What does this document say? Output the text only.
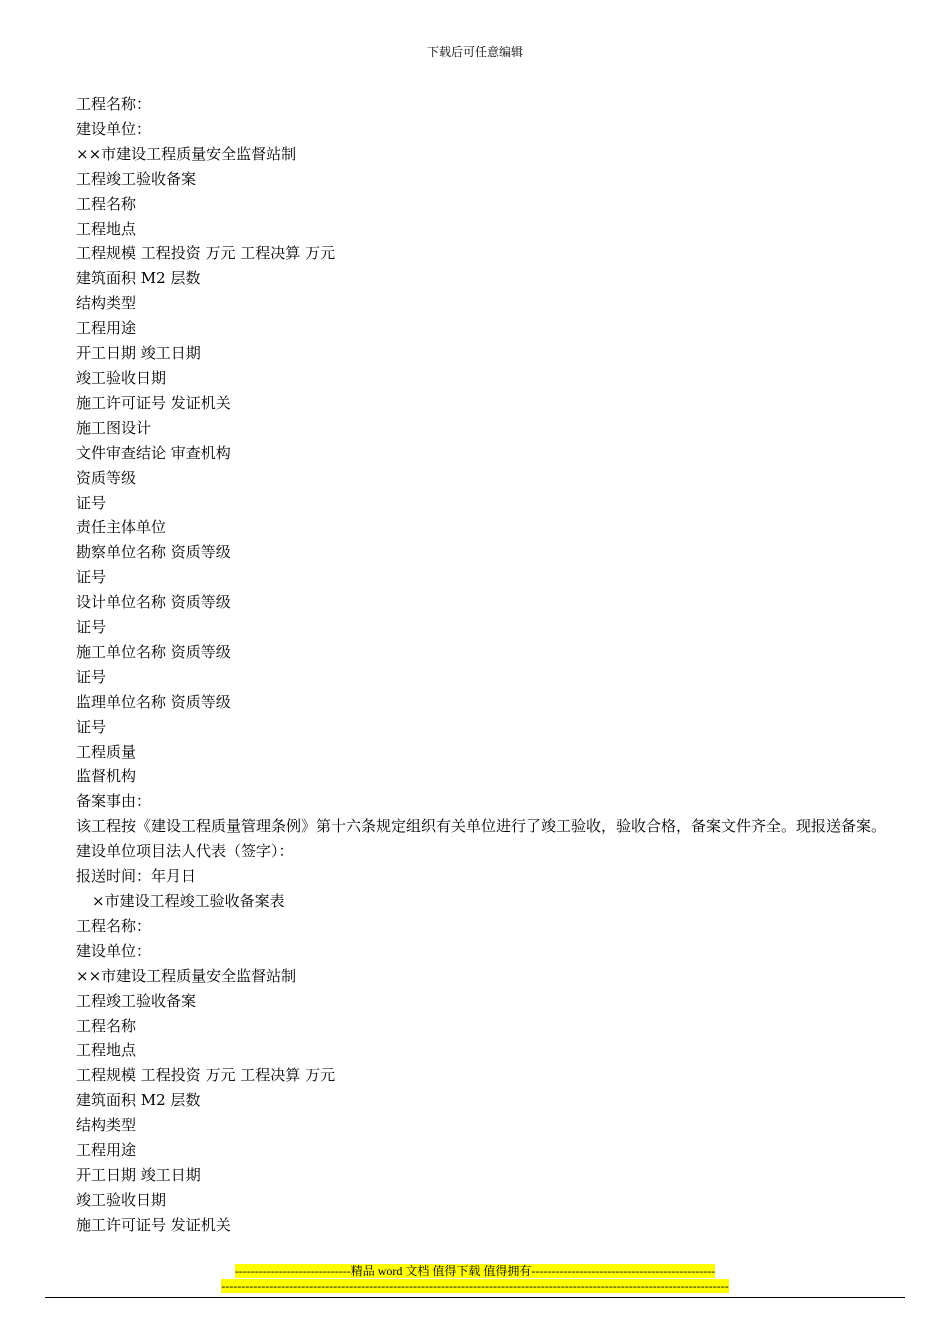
下载后可任意编辑

工程名称：

建设单位：

××市建设工程质量安全监督站制

工程竣工验收备案

工程名称

工程地点

工程规模 工程投资 万元 工程决算 万元

建筑面积 M2 层数

结构类型

工程用途

开工日期 竣工日期

竣工验收日期

施工许可证号 发证机关

施工图设计

文件审查结论 审查机构

资质等级

证号

责任主体单位

勘察单位名称 资质等级

证号

设计单位名称 资质等级

证号

施工单位名称 资质等级

证号

监理单位名称 资质等级

证号

工程质量

监督机构

备案事由：

该工程按《建设工程质量管理条例》第十六条规定组织有关单位进行了竣工验收，验收合格，备案文件齐全。现报送备案。

建设单位项目法人代表（签字）：

报送时间：年月日

×市建设工程竣工验收备案表

工程名称：

建设单位：

××市建设工程质量安全监督站制

工程竣工验收备案

工程名称

工程地点

工程规模 工程投资 万元 工程决算 万元

建筑面积 M2 层数

结构类型

工程用途

开工日期 竣工日期

竣工验收日期

施工许可证号 发证机关

-----------------------------精品 word 文档 值得下载 值得拥有----------------------------------------------
-------------------------------------------------------------------------------------------------------------------------------
